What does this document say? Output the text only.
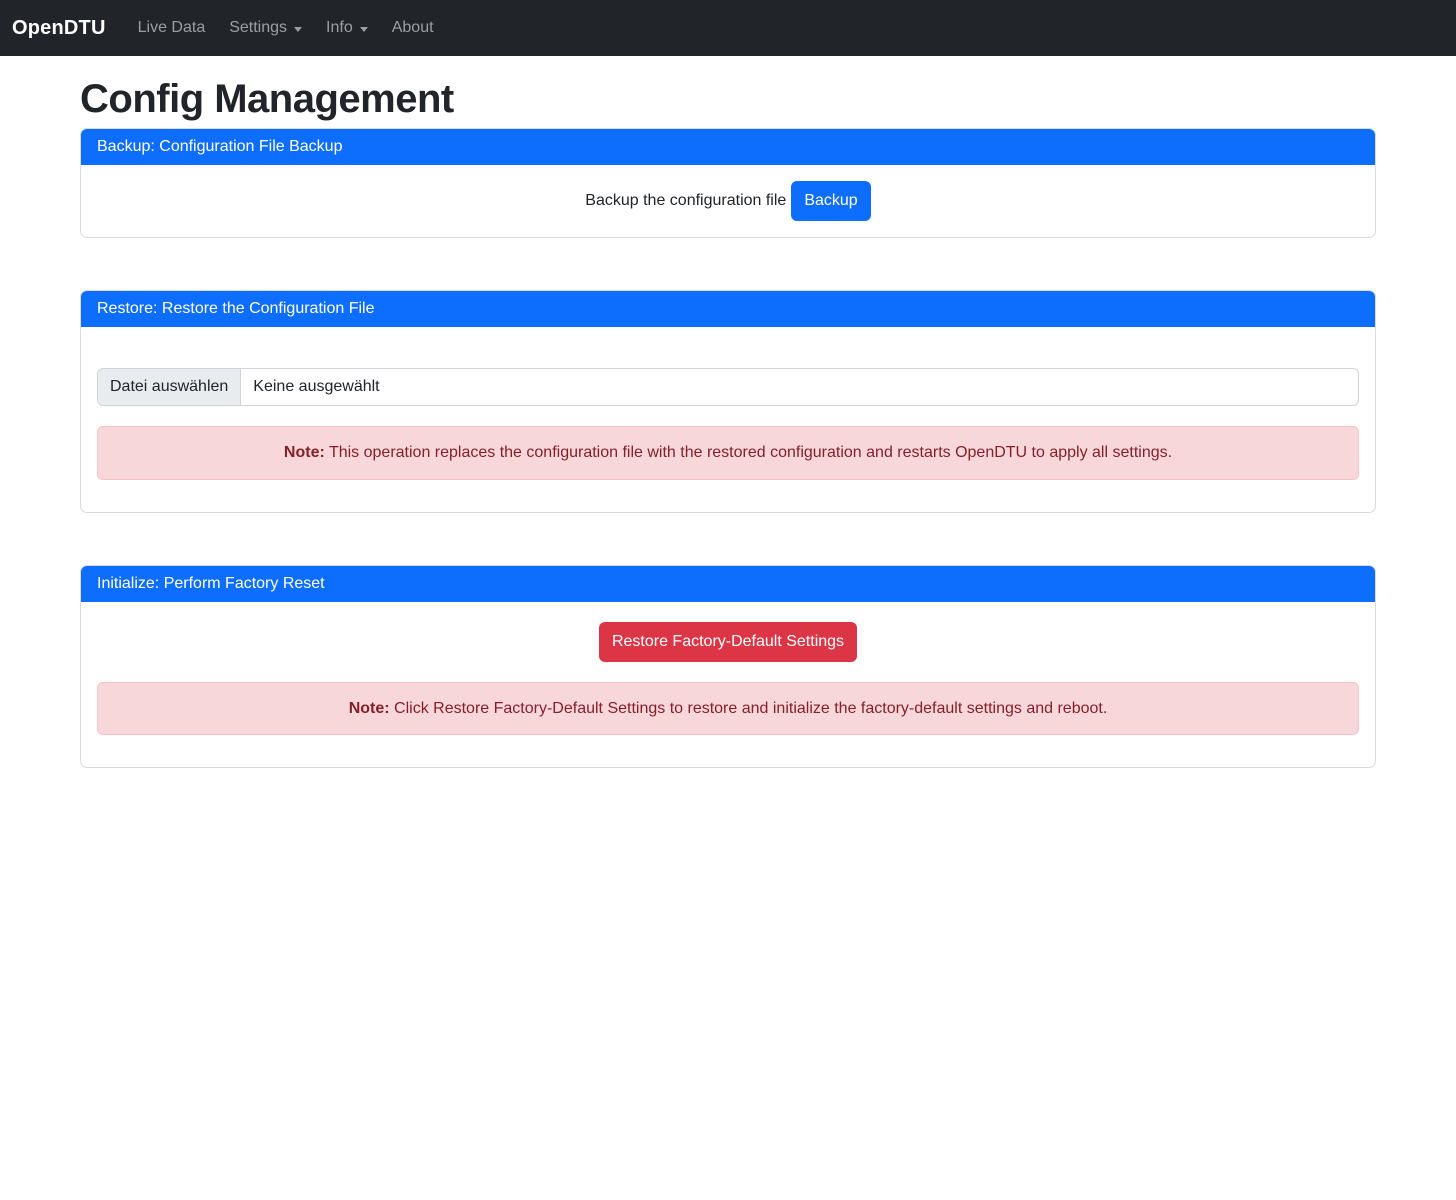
OpenDTU Live Data Settings Info About
Config Management
Backup: Configuration File Backup
Backup the configuration file	Backup
Restore: Restore the Configuration File
Datei auswählen	Keine ausgewählt
Note: This operation replaces the configuration file with the restored configuration and restarts OpenDTU to apply all settings.
Initialize: Perform Factory Reset
Restore Factory-Default Settings
Note: Click Restore Factory-Default Settings to restore and initialize the factory-default settings and reboot.
